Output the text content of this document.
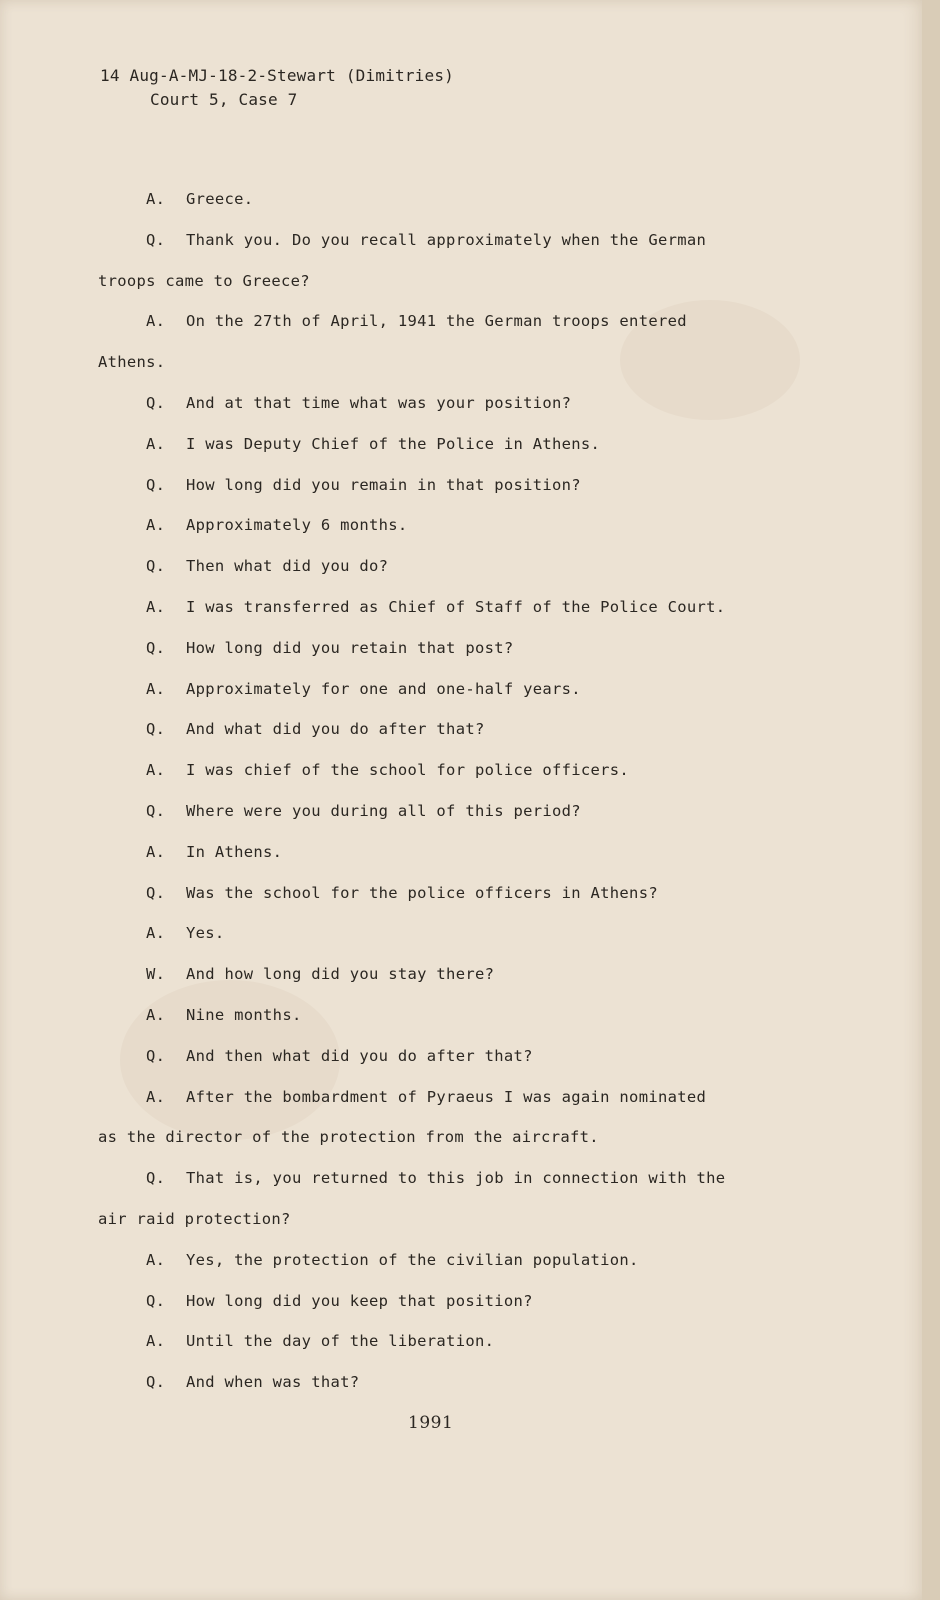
14 Aug-A-MJ-18-2-Stewart (Dimitries)
Court 5, Case 7
A. Greece.
Q. Thank you. Do you recall approximately when the German
troops came to Greece?
A. On the 27th of April, 1941 the German troops entered
Athens.
Q. And at that time what was your position?
A. I was Deputy Chief of the Police in Athens.
Q. How long did you remain in that position?
A. Approximately 6 months.
Q. Then what did you do?
A. I was transferred as Chief of Staff of the Police Court.
Q. How long did you retain that post?
A. Approximately for one and one-half years.
Q. And what did you do after that?
A. I was chief of the school for police officers.
Q. Where were you during all of this period?
A. In Athens.
Q. Was the school for the police officers in Athens?
A. Yes.
W. And how long did you stay there?
A. Nine months.
Q. And then what did you do after that?
A. After the bombardment of Pyraeus I was again nominated
as the director of the protection from the aircraft.
Q. That is, you returned to this job in connection with the
air raid protection?
A. Yes, the protection of the civilian population.
Q. How long did you keep that position?
A. Until the day of the liberation.
Q. And when was that?
1991
